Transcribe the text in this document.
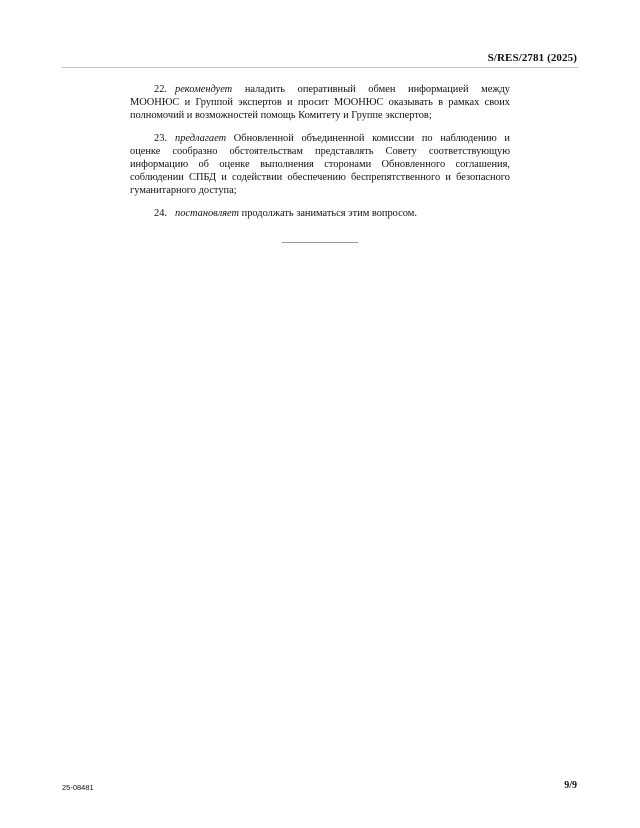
S/RES/2781 (2025)

22. рекомендует наладить оперативный обмен информацией между МООНЮС и Группой экспертов и просит МООНЮС оказывать в рамках своих полномочий и возможностей помощь Комитету и Группе экспертов;

23. предлагает Обновленной объединенной комиссии по наблюдению и оценке сообразно обстоятельствам представлять Совету соответствующую информацию об оценке выполнения сторонами Обновленного соглашения, соблюдении СПБД и содействии обеспечению беспрепятственного и безопасного гуманитарного доступа;

24. постановляет продолжать заниматься этим вопросом.

25-08481	9/9
